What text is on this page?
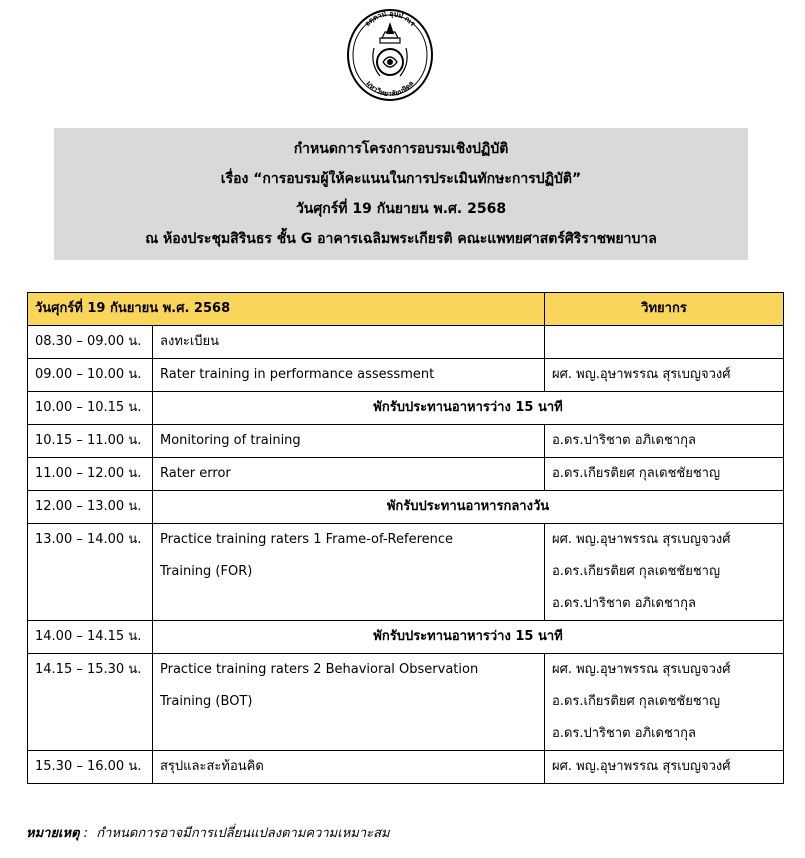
อตฺตานํ อุปมํ กเร
มหาวิทยาลัยมหิดล
กำหนดการโครงการอบรมเชิงปฏิบัติ
เรื่อง “การอบรมผู้ให้คะแนนในการประเมินทักษะการปฏิบัติ”
วันศุกร์ที่ 19 กันยายน พ.ศ. 2568
ณ ห้องประชุมสิรินธร ชั้น G อาคารเฉลิมพระเกียรติ คณะแพทยศาสตร์ศิริราชพยาบาล
วันศุกร์ที่ 19 กันยายน พ.ศ. 2568		วิทยากร
08.30 – 09.00 น.	ลงทะเบียน	
09.00 – 10.00 น.	Rater training in performance assessment	ผศ. พญ.อุษาพรรณ สุรเบญจวงศ์
10.00 – 10.15 น.	พักรับประทานอาหารว่าง 15 นาที	
10.15 – 11.00 น.	Monitoring of training	อ.ดร.ปาริชาต อภิเดชากุล
11.00 – 12.00 น.	Rater error	อ.ดร.เกียรติยศ กุลเดชชัยชาญ
12.00 – 13.00 น.	พักรับประทานอาหารกลางวัน	
13.00 – 14.00 น.	Practice training raters 1 Frame-of-Reference
Training (FOR)	ผศ. พญ.อุษาพรรณ สุรเบญจวงศ์
อ.ดร.เกียรติยศ กุลเดชชัยชาญ
อ.ดร.ปาริชาต อภิเดชากุล

14.00 – 14.15 น.	พักรับประทานอาหารว่าง 15 นาที	
14.15 – 15.30 น.	Practice training raters 2 Behavioral Observation
Training (BOT)	ผศ. พญ.อุษาพรรณ สุรเบญจวงศ์
อ.ดร.เกียรติยศ กุลเดชชัยชาญ
อ.ดร.ปาริชาต อภิเดชากุล

15.30 – 16.00 น.	สรุปและสะท้อนคิด	ผศ. พญ.อุษาพรรณ สุรเบญจวงศ์
หมายเหตุ :  กำหนดการอาจมีการเปลี่ยนแปลงตามความเหมาะสม
